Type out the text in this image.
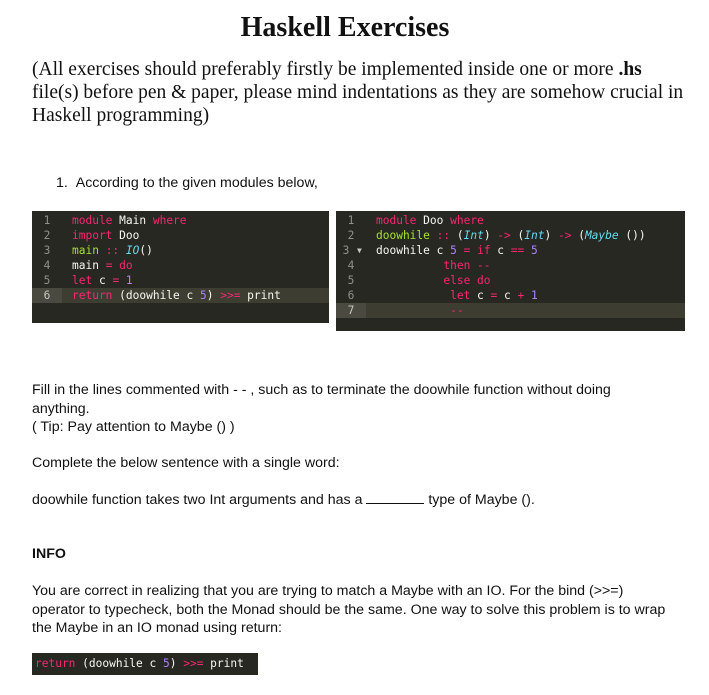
Haskell Exercises
(All exercises should preferably firstly be implemented inside one or more .hs file(s) before pen & paper, please mind indentations as they are somehow crucial in Haskell programming)
1. According to the given modules below,
1	module Main where
2	import Doo
3	main :: IO()
4	main = do
5	let c = 1
6	return (doowhile c 5) >>= print
1	module Doo where
2	doowhile :: (Int) -> (Int) -> (Maybe ())
3 ▼ doowhile c 5 = if c == 5
4	then --
5	else do
6	let c = c + 1
7	--
Fill in the lines commented with - - , such as to terminate the doowhile function without doing anything.
( Tip: Pay attention to Maybe () )
Complete the below sentence with a single word:
doowhile function takes two Int arguments and has a	type of Maybe ().
INFO
You are correct in realizing that you are trying to match a Maybe with an IO. For the bind (>>=) operator to typecheck, both the Monad should be the same. One way to solve this problem is to wrap the Maybe in an IO monad using return:
return (doowhile c 5) >>= print
